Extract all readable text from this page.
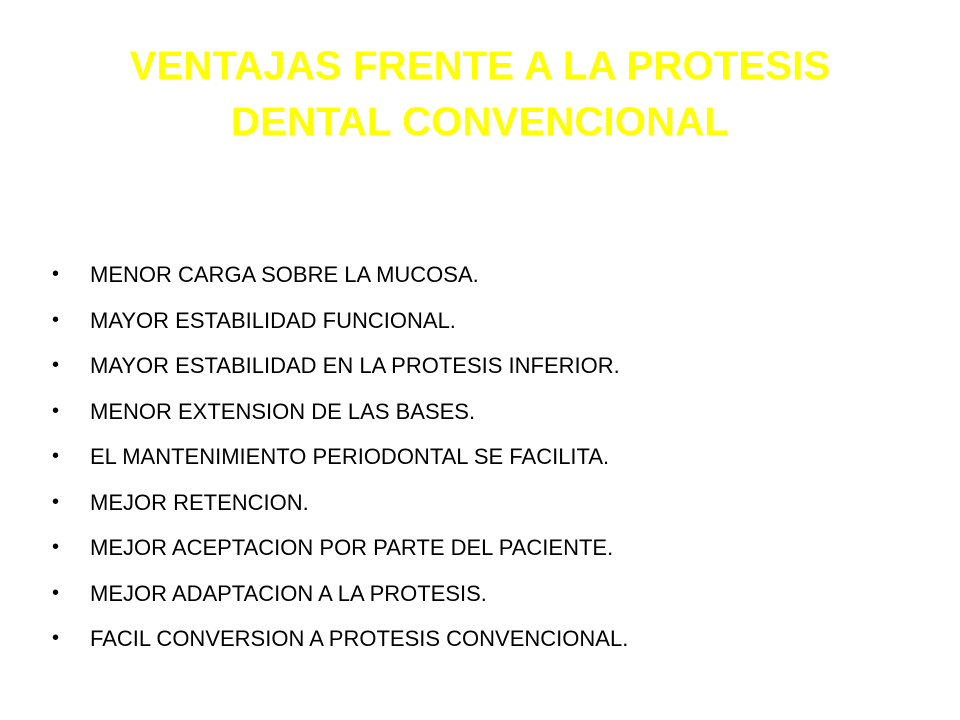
VENTAJAS FRENTE A LA PROTESIS DENTAL CONVENCIONAL
•	MENOR CARGA SOBRE LA MUCOSA.
•	MAYOR ESTABILIDAD FUNCIONAL.
•	MAYOR ESTABILIDAD EN LA PROTESIS INFERIOR.
•	MENOR EXTENSION DE LAS BASES.
•	EL MANTENIMIENTO PERIODONTAL SE FACILITA.
•	MEJOR RETENCION.
•	MEJOR ACEPTACION POR PARTE DEL PACIENTE.
•	MEJOR ADAPTACION A LA PROTESIS.
•	FACIL CONVERSION A PROTESIS CONVENCIONAL.
